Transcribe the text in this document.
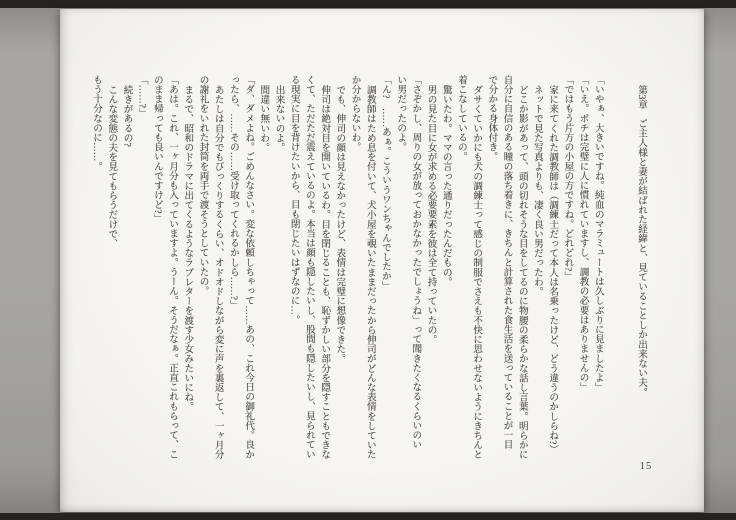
第3章　ご主人様と妻が結ばれた経緯と、見ていることしか出来ない夫。

「いやぁ、大きいですね。純血のマラミュートは久しぶりに見ましたよ」

「いえ。ポチは完璧に人に慣れていますし、調教の必要はありませんの」

「ではもう片方の小屋の方ですね。どれどれ?」

家に来てくれた調教師は（調練士だって本人は名乗ったけど、どう違うのかしらね?）

ネットで見た写真よりも、凄く良い男だったわ。

どこか影があって、頭の切れそうな目をしてるのに物腰の柔らかな話し言葉。明らかに

自分に自信のある瞳の落ち着きに、きちんと計算された食生活を送っていることが一目

で分かる身体付き。

ダサくていかにも犬の調練士って感じの制服でさえも不快に思わせないようにきちんと

着こなしているの。

驚いたわ。ママの言った通りだったんだもの。

男の見た目に女が求める必要要素を彼は全て持っていたの。

「さぞかし、周りの女が放っておかなかったでしょうね」って聞きたくなるくらいのい

い男だったのよ。

「ん?　……あぁ。こういうワンちゃんでしたか」

調教師はため息を付いて、犬小屋を覗いたままだったから伸司がどんな表情をしていた

か分からないわ。

でも、伸司の顔は見えなかったけど、表情は完璧に想像できた。

伸司は絶対目を開いているわ。目を閉じることも、恥ずかしい部分を隠すこともできな

くて、ただただ震えているのよ。本当は顔も隠したいし、股間も隠したいし、見られてい

る現実に目を背けたいから、目も閉じたいはずなのに…。

出来ないのよ。

間違い無いわ。

「ダ、ダメよね。ごめんなさい。変な依頼しちゃって……あの、これ今日の御礼代。良か

ったら、……その……受け取ってくれるかしら……?」

あたしは自分でもびっくりするくらい、オドオドしながら変に声を裏返して、一ヶ月分

の謝礼をいれた封筒を両手で渡そうとしていたの。

まるで、昭和のドラマに出てくるようなラブレターを渡す少女みたいにね。

「あは。これ、一ヶ月分も入っていますよ。うーん。そうだなぁ。正直これもらって、こ

のまま帰っても良いんですけど?」

「……?」

続きがあるの?

こんな変態の夫を見てもらうだけで、

もう十分なのに……。

15
